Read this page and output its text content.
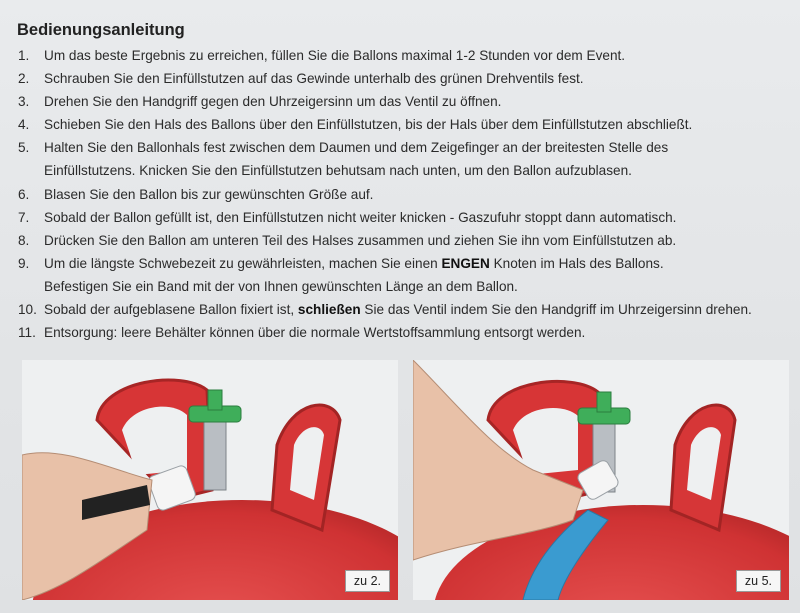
Bedienungsanleitung
1.	Um das beste Ergebnis zu erreichen, füllen Sie die Ballons maximal 1-2 Stunden vor dem Event.
2.	Schrauben Sie den Einfüllstutzen auf das Gewinde unterhalb des grünen Drehventils fest.
3.	Drehen Sie den Handgriff gegen den Uhrzeigersinn um das Ventil zu öffnen.
4.	Schieben Sie den Hals des Ballons über den Einfüllstutzen, bis der Hals über dem Einfüllstutzen abschließt.
5.	Halten Sie den Ballonhals fest zwischen dem Daumen und dem Zeigefinger an der breitesten Stelle des
Einfüllstutzens. Knicken Sie den Einfüllstutzen behutsam nach unten, um den Ballon aufzublasen.
6.	Blasen Sie den Ballon bis zur gewünschten Größe auf.
7.	Sobald der Ballon gefüllt ist, den Einfüllstutzen nicht weiter knicken - Gaszufuhr stoppt dann automatisch.
8.	Drücken Sie den Ballon am unteren Teil des Halses zusammen und ziehen Sie ihn vom Einfüllstutzen ab.
9.	Um die längste Schwebezeit zu gewährleisten, machen Sie einen ENGEN Knoten im Hals des Ballons.
Befestigen Sie ein Band mit der von Ihnen gewünschten Länge an dem Ballon.
10. Sobald der aufgeblasene Ballon fixiert ist, schließen Sie das Ventil indem Sie den Handgriff im Uhrzeigersinn drehen.
11. Entsorgung: leere Behälter können über die normale Wertstoffsammlung entsorgt werden.
zu 2.	zu 5.
